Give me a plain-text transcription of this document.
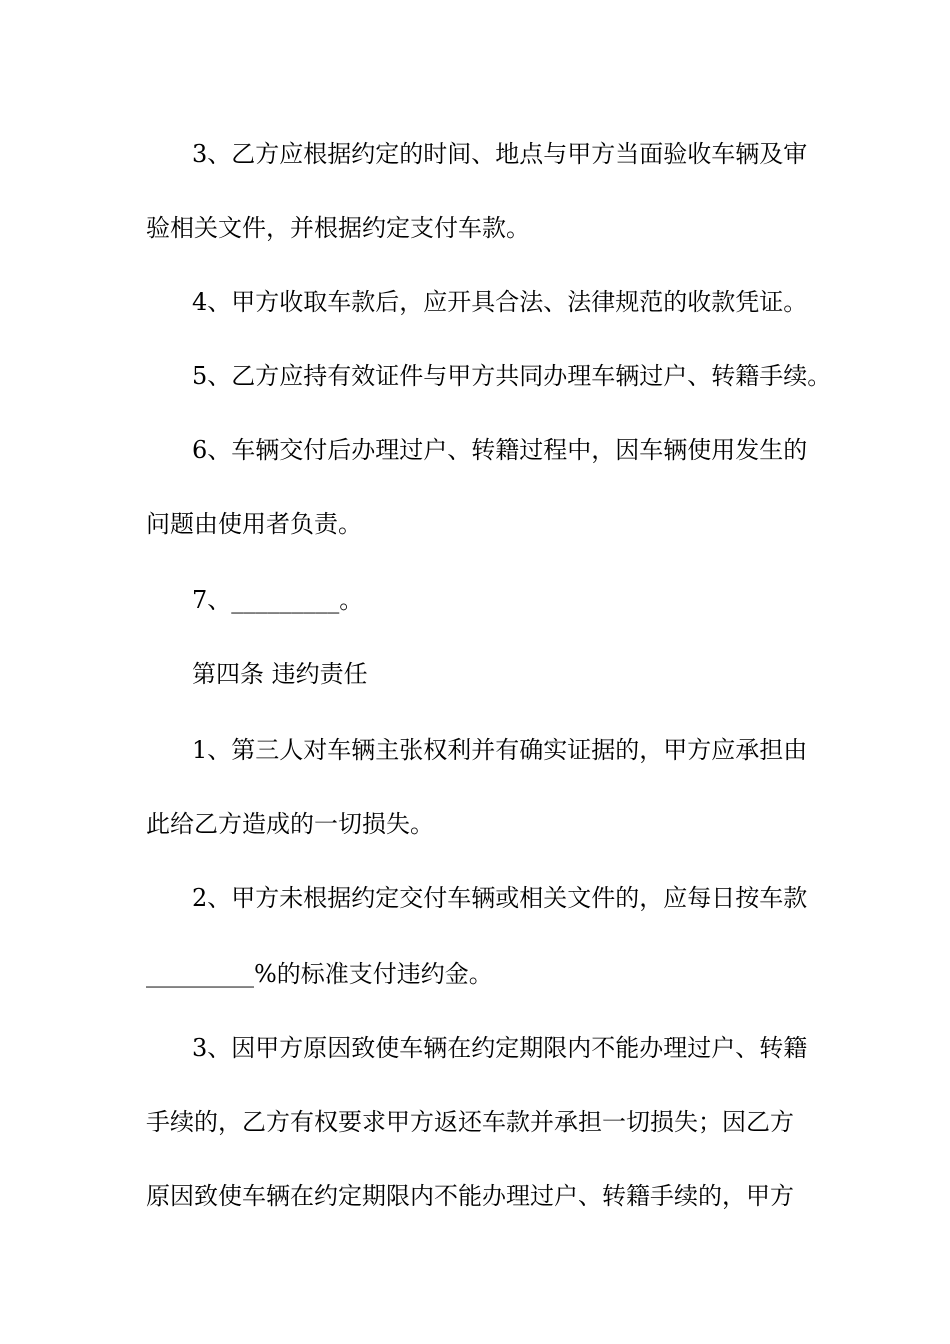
3、乙方应根据约定的时间、地点与甲方当面验收车辆及审
验相关文件，并根据约定支付车款。
4、甲方收取车款后，应开具合法、法律规范的收款凭证。
5、乙方应持有效证件与甲方共同办理车辆过户、转籍手续。
6、车辆交付后办理过户、转籍过程中，因车辆使用发生的
问题由使用者负责。
7、_________。
第四条 违约责任
1、第三人对车辆主张权利并有确实证据的，甲方应承担由
此给乙方造成的一切损失。
2、甲方未根据约定交付车辆或相关文件的，应每日按车款
_________%的标准支付违约金。
3、因甲方原因致使车辆在约定期限内不能办理过户、转籍
手续的，乙方有权要求甲方返还车款并承担一切损失；因乙方
原因致使车辆在约定期限内不能办理过户、转籍手续的，甲方
